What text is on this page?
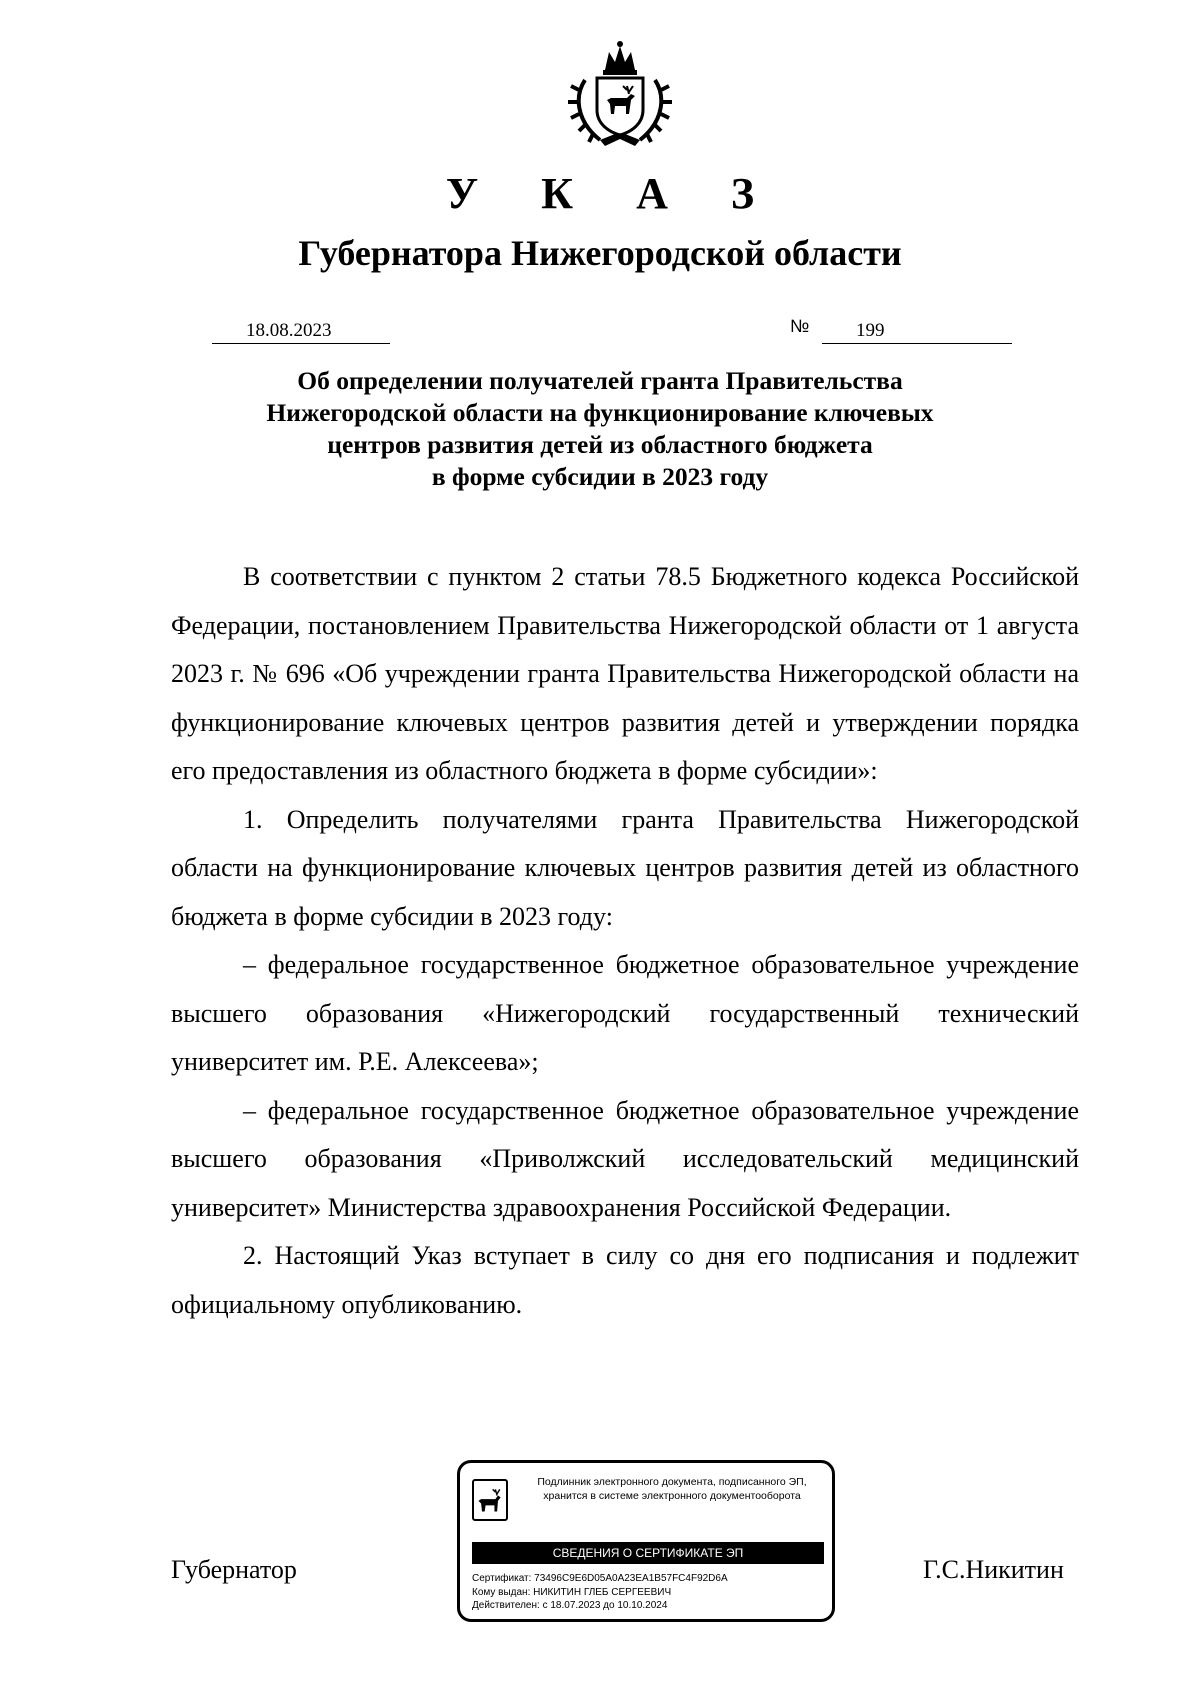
У К А З
Губернатора Нижегородской области
18.08.2023	№ 199
Об определении получателей гранта Правительства
Нижегородской области на функционирование ключевых
центров развития детей из областного бюджета
в форме субсидии в 2023 году

В соответствии с пунктом 2 статьи 78.5 Бюджетного кодекса Российской Федерации, постановлением Правительства Нижегородской области от 1 августа 2023 г. № 696 «Об учреждении гранта Правительства Нижегородской области на функционирование ключевых центров развития детей и утверждении порядка его предоставления из областного бюджета в форме субсидии»:

1. Определить получателями гранта Правительства Нижегородской области на функционирование ключевых центров развития детей из областного бюджета в форме субсидии в 2023 году:

– федеральное государственное бюджетное образовательное учреждение высшего образования «Нижегородский государственный технический университет им. Р.Е. Алексеева»;

– федеральное государственное бюджетное образовательное учреждение высшего образования «Приволжский исследовательский медицинский университет» Министерства здравоохранения Российской Федерации.

2. Настоящий Указ вступает в силу со дня его подписания и подлежит официальному опубликованию.

Губернатор	Г.С.Никитин
Подлинник электронного документа, подписанного ЭП,
хранится в системе электронного документооборота
СВЕДЕНИЯ О СЕРТИФИКАТЕ ЭП
Сертификат: 73496C9E6D05A0A23EA1B57FC4F92D6A
Кому выдан: НИКИТИН ГЛЕБ СЕРГЕЕВИЧ
Действителен: с 18.07.2023 до 10.10.2024
